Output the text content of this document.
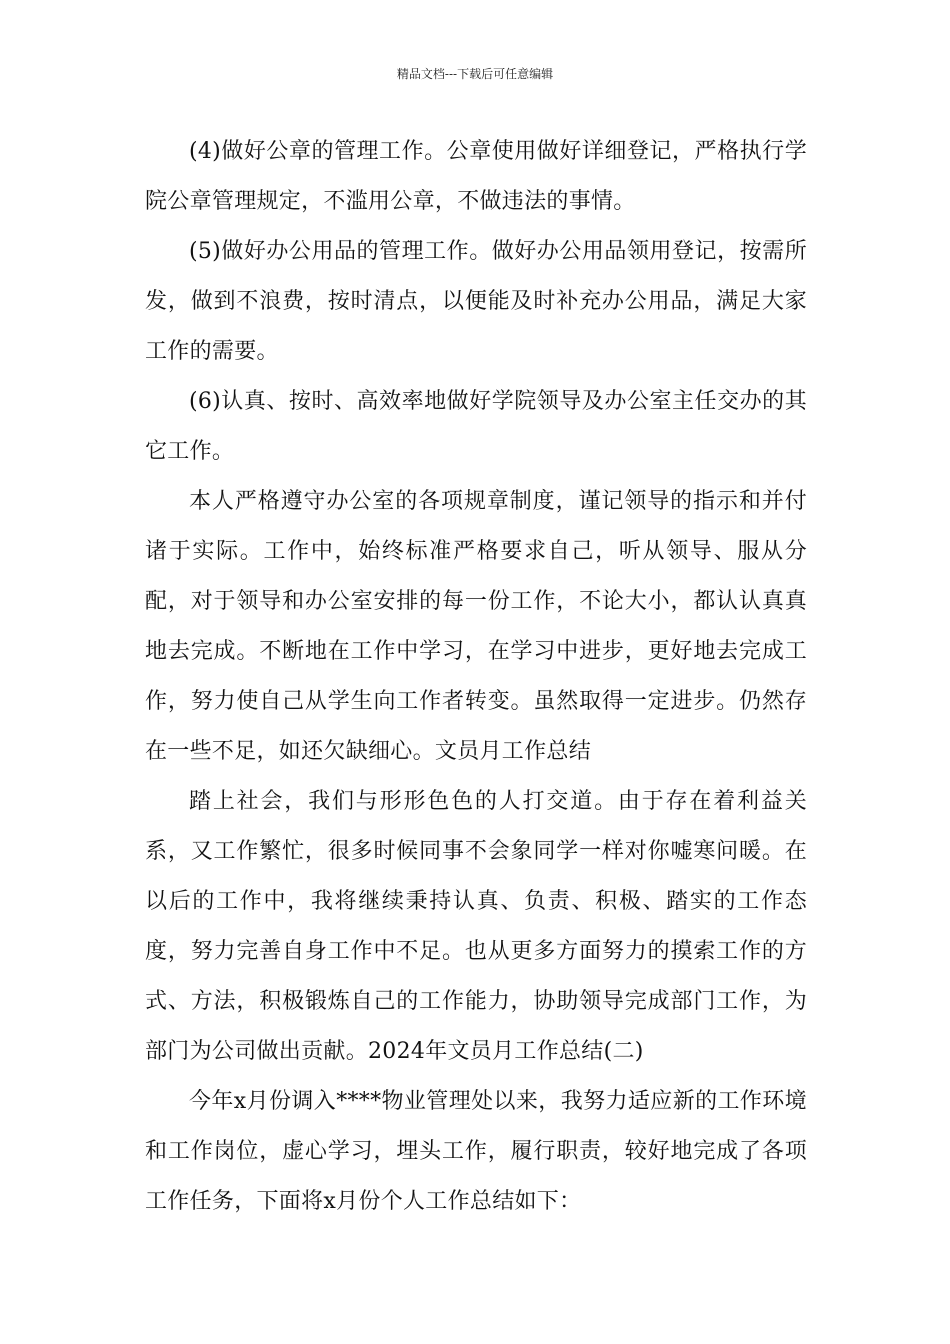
精品文档---下载后可任意编辑

(4)做好公章的管理工作。公章使用做好详细登记，严格执行学院公章管理规定，不滥用公章，不做违法的事情。

(5)做好办公用品的管理工作。做好办公用品领用登记，按需所发，做到不浪费，按时清点，以便能及时补充办公用品，满足大家工作的需要。

(6)认真、按时、高效率地做好学院领导及办公室主任交办的其它工作。

本人严格遵守办公室的各项规章制度，谨记领导的指示和并付诸于实际。工作中，始终标准严格要求自己，听从领导、服从分配，对于领导和办公室安排的每一份工作，不论大小，都认认真真地去完成。不断地在工作中学习，在学习中进步，更好地去完成工作，努力使自己从学生向工作者转变。虽然取得一定进步。仍然存在一些不足，如还欠缺细心。文员月工作总结

踏上社会，我们与形形色色的人打交道。由于存在着利益关系，又工作繁忙，很多时候同事不会象同学一样对你嘘寒问暖。在以后的工作中，我将继续秉持认真、负责、积极、踏实的工作态度，努力完善自身工作中不足。也从更多方面努力的摸索工作的方式、方法，积极锻炼自己的工作能力，协助领导完成部门工作，为部门为公司做出贡献。2024年文员月工作总结(二)

今年x月份调入****物业管理处以来，我努力适应新的工作环境和工作岗位，虚心学习，埋头工作，履行职责，较好地完成了各项工作任务，下面将x月份个人工作总结如下：
